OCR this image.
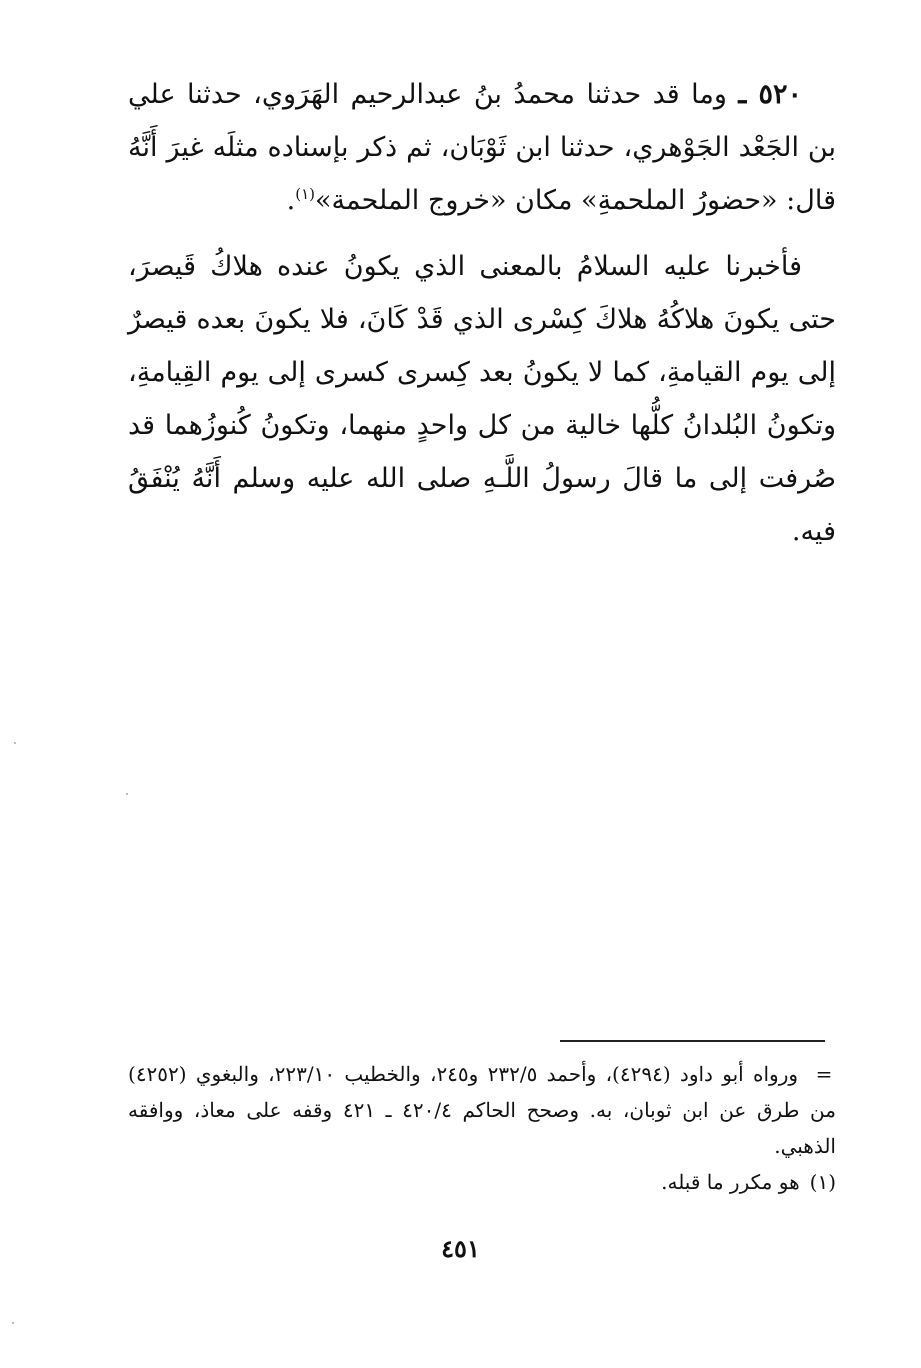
٥٢٠ ـ وما قد حدثنا محمدُ بنُ عبدالرحيم الهَرَوي، حدثنا علي بن الجَعْد الجَوْهري، حدثنا ابن ثَوْبَان، ثم ذكر بإسناده مثلَه غيرَ أَنَّهُ قال: «حضورُ الملحمةِ» مكان «خروج الملحمة»$^{(١)}$.

فأخبرنا عليه السلامُ بالمعنى الذي يكونُ عنده هلاكُ قَيصرَ، حتى يكونَ هلاكُهُ هلاكَ كِسْرى الذي قَدْ كَانَ، فلا يكونَ بعده قيصرٌ إلى يوم القيامةِ، كما لا يكونُ بعد كِسرى كسرى إلى يوم القِيامةِ، وتكونُ البُلدانُ كلُّها خالية من كل واحدٍ منهما، وتكونُ كُنوزُهما قد صُرفت إلى ما قالَ رسولُ اللَّـهِ صلى الله عليه وسلم أَنَّهُ يُنْفَقُ فيه.

=ورواه أبو داود (٤٢٩٤)، وأحمد ٢٣٢/٥ و٢٤٥، والخطيب ٢٢٣/١٠، والبغوي (٤٢٥٢) من طرق عن ابن ثوبان، به. وصحح الحاكم ٤٢٠/٤ ـ ٤٢١ وقفه على معاذ، ووافقه الذهبي.

(١)هو مكرر ما قبله.

٤٥١
